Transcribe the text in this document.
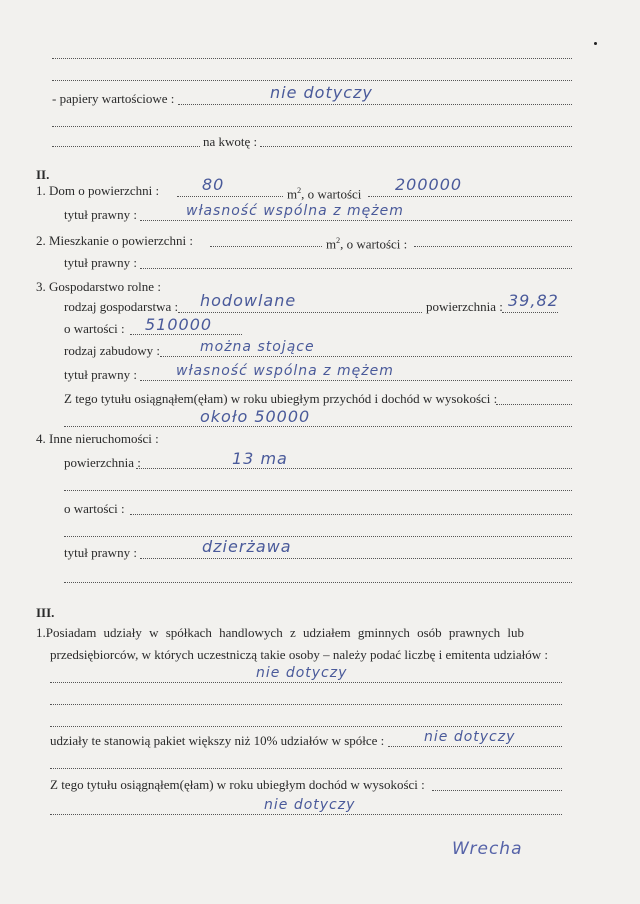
- papiery wartościowe :	nie dotyczy
na kwotę :
II.
1. Dom o powierzchni :	80	$m^2$, o wartości 200000
tytuł prawny :	własność wspólna z mężem
2. Mieszkanie o powierzchni :	$m^2$, o wartości :
tytuł prawny :
3. Gospodarstwo rolne :
rodzaj gospodarstwa : hodowlane	powierzchnia : 39,82
o wartości : 510000
rodzaj zabudowy :	można stojące
tytuł prawny :	własność wspólna z mężem
Z tego tytułu osiągnąłem(ęłam) w roku ubiegłym przychód i dochód w wysokości :
około 50000
4. Inne nieruchomości :
powierzchnia :	13 ma
o wartości :
tytuł prawny :	dzierżawa
III.
1.Posiadam udziały w spółkach handlowych z udziałem gminnych osób prawnych lub
przedsiębiorców, w których uczestniczą takie osoby – należy podać liczbę i emitenta udziałów :
nie dotyczy
udziały te stanowią pakiet większy niż 10% udziałów w spółce :	nie dotyczy
Z tego tytułu osiągnąłem(ęłam) w roku ubiegłym dochód w wysokości :
nie dotyczy
Wrecha
